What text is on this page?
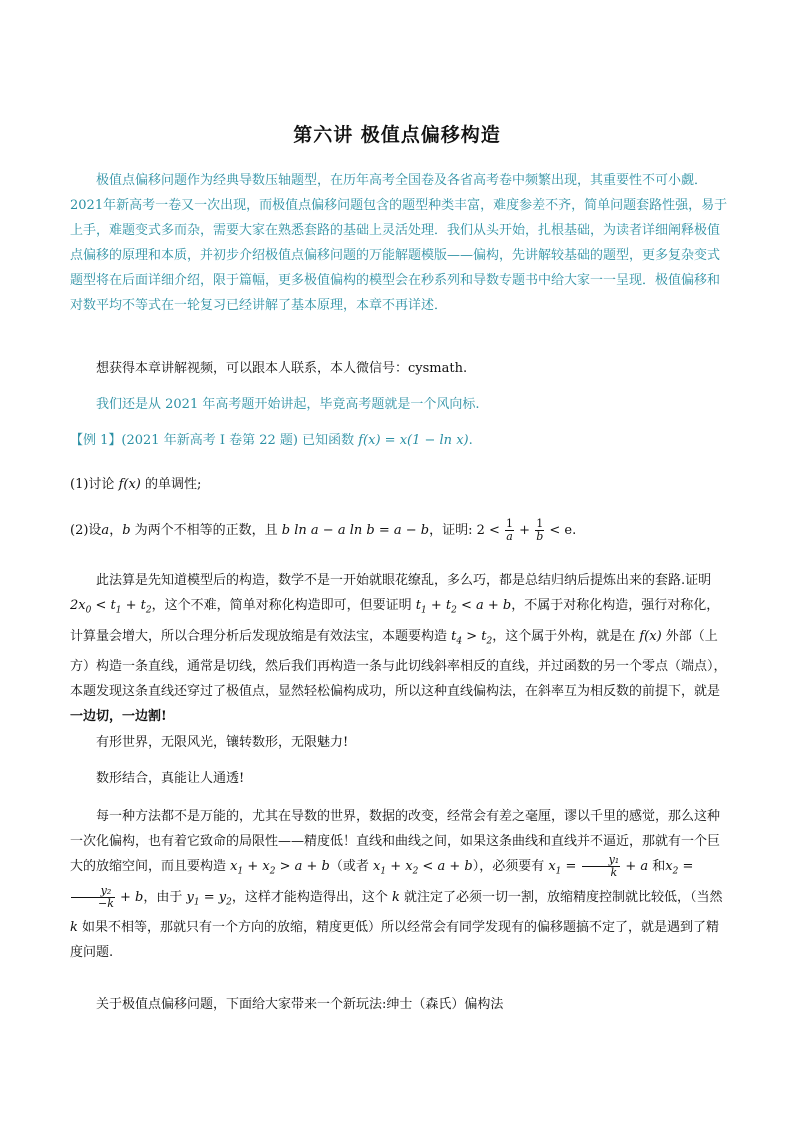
第六讲 极值点偏移构造

极值点偏移问题作为经典导数压轴题型，在历年高考全国卷及各省高考卷中频繁出现，其重要性不可小觑．2021年新高考一卷又一次出现，而极值点偏移问题包含的题型种类丰富，难度参差不齐，简单问题套路性强，易于上手，难题变式多而杂，需要大家在熟悉套路的基础上灵活处理．我们从头开始，扎根基础，为读者详细阐释极值点偏移的原理和本质，并初步介绍极值点偏移问题的万能解题模版——偏构，先讲解较基础的题型，更多复杂变式题型将在后面详细介绍，限于篇幅，更多极值偏构的模型会在秒系列和导数专题书中给大家一一呈现．极值偏移和对数平均不等式在一轮复习已经讲解了基本原理，本章不再详述．

想获得本章讲解视频，可以跟本人联系，本人微信号：cysmath.

我们还是从 2021 年高考题开始讲起，毕竟高考题就是一个风向标.

【例 1】(2021 年新高考 I 卷第 22 题) 已知函数 f(x) = x(1 − ln x).

(1)讨论 f(x) 的单调性;

(2)设a，b 为两个不相等的正数，且 b ln a − a ln b = a − b，证明: $2 < \frac{1}{a} + \frac{1}{b} < e$.

此法算是先知道模型后的构造，数学不是一开始就眼花缭乱，多么巧，都是总结归纳后提炼出来的套路.证明 $2x_0 < t_1 + t_2$，这个不难，简单对称化构造即可，但要证明 $t_1 + t_2 < a + b$，不属于对称化构造，强行对称化，计算量会增大，所以合理分析后发现放缩是有效法宝，本题要构造 $t_4 > t_2$，这个属于外构，就是在 f(x) 外部（上方）构造一条直线，通常是切线，然后我们再构造一条与此切线斜率相反的直线，并过函数的另一个零点（端点），本题发现这条直线还穿过了极值点，显然轻松偏构成功，所以这种直线偏构法，在斜率互为相反数的前提下，就是一边切，一边割!

有形世界，无限风光，镶转数形，无限魅力!

数形结合，真能让人通透!

每一种方法都不是万能的，尤其在导数的世界，数据的改变，经常会有差之毫厘，谬以千里的感觉，那么这种一次化偏构，也有着它致命的局限性——精度低！直线和曲线之间，如果这条曲线和直线并不逼近，那就有一个巨大的放缩空间，而且要构造 $x_1 + x_2 > a + b$（或者 $x_1 + x_2 < a + b$），必须要有 $x_1 = \frac{\text{y₁}}{k} + a$ 和$x_2$ =
$\frac{\text{y₂}}{-k} + b$，由于 $y_1 = y_2$，这样才能构造得出，这个 k 就注定了必须一切一割，放缩精度控制就比较低，（当然 k 如果不相等，那就只有一个方向的放缩，精度更低）所以经常会有同学发现有的偏移题搞不定了，就是遇到了精度问题.

关于极值点偏移问题，下面给大家带来一个新玩法:绅士（森氏）偏构法
